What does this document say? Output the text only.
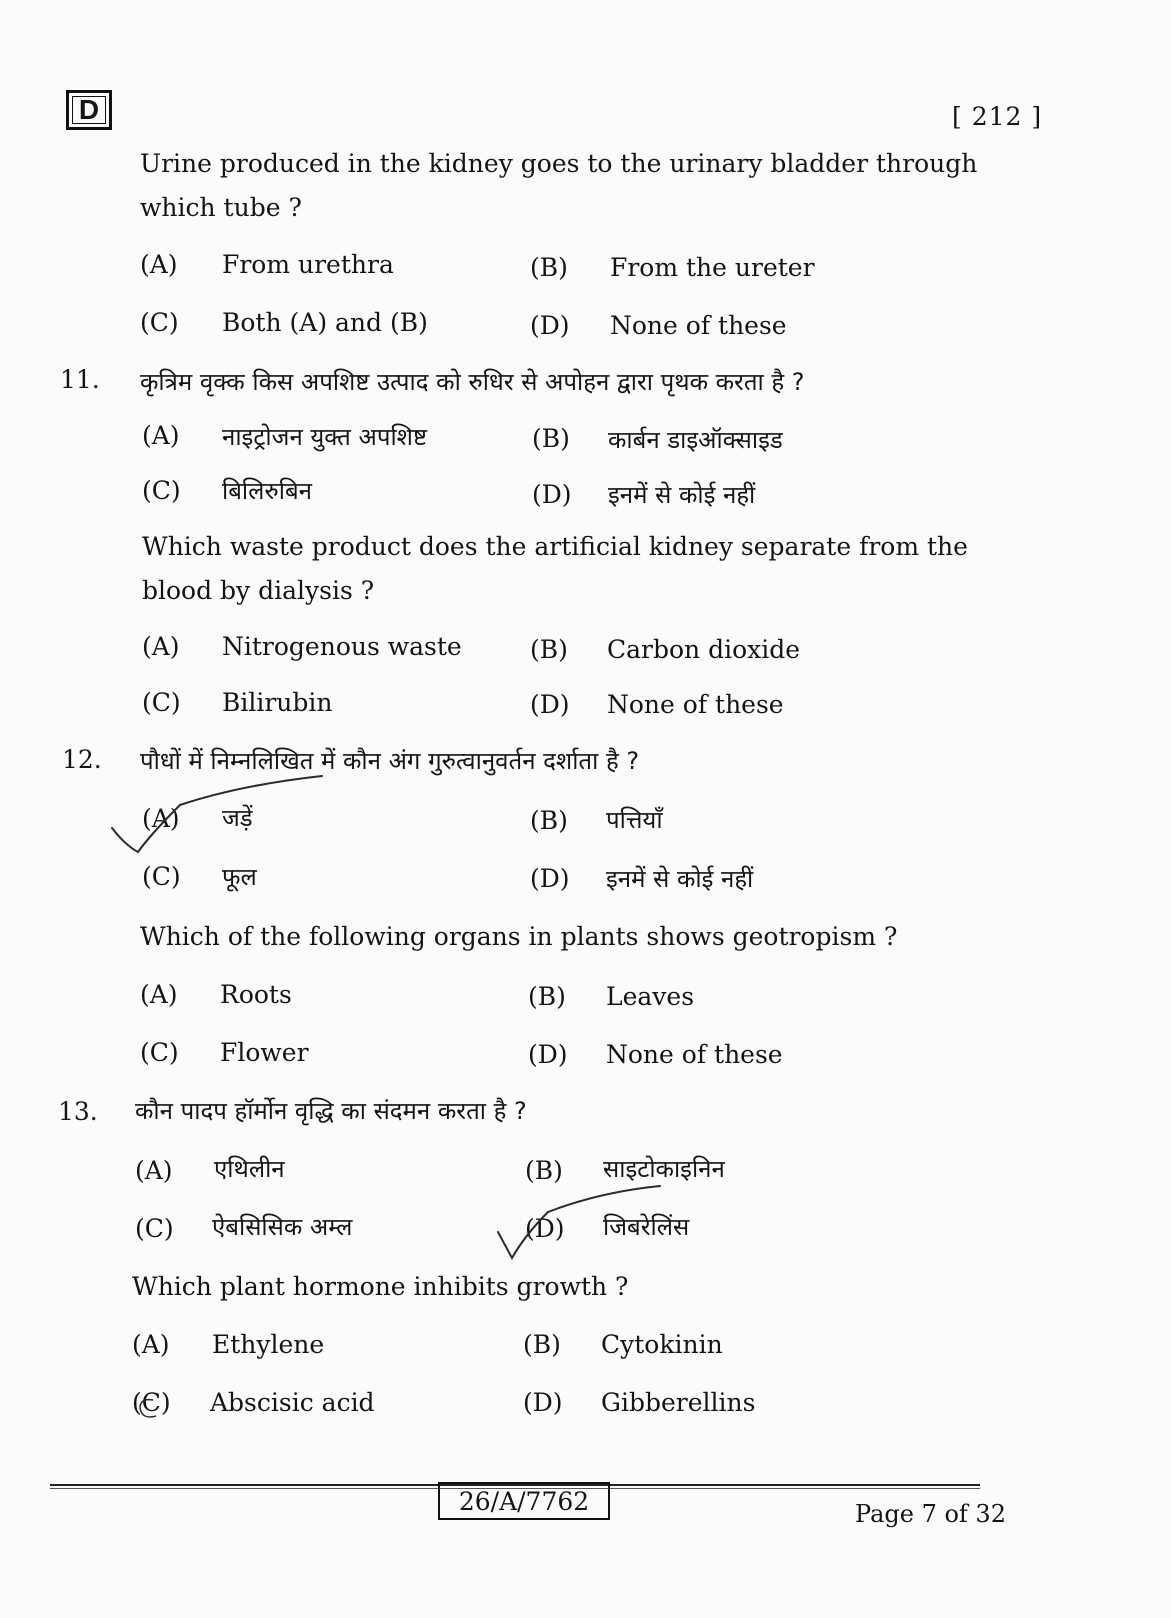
D	[ 212 ]
Urine produced in the kidney goes to the urinary bladder through which tube ?
(A) From urethra	(B) From the ureter
(C) Both (A) and (B)	(D) None of these
11. कृत्रिम वृक्क किस अपशिष्ट उत्पाद को रुधिर से अपोहन द्वारा पृथक करता है ?
(A) नाइट्रोजन युक्त अपशिष्ट	(B) कार्बन डाइऑक्साइड
(C) बिलिरुबिन	(D) इनमें से कोई नहीं
Which waste product does the artificial kidney separate from the blood by dialysis ?
(A) Nitrogenous waste	(B) Carbon dioxide
(C) Bilirubin	(D) None of these
12. पौधों में निम्नलिखित में कौन अंग गुरुत्वानुवर्तन दर्शाता है ?
(A) जड़ें	(B) पत्तियाँ
(C) फूल	(D) इनमें से कोई नहीं
Which of the following organs in plants shows geotropism ?
(A) Roots	(B) Leaves
(C) Flower	(D) None of these
13. कौन पादप हॉर्मोन वृद्धि का संदमन करता है ?
(A) एथिलीन	(B) साइटोकाइनिन
(C) ऐबसिसिक अम्ल	(D) जिबरेलिंस
Which plant hormone inhibits growth ?
(A) Ethylene	(B) Cytokinin
(C) Abscisic acid	(D) Gibberellins
26/A/7762	Page 7 of 32
